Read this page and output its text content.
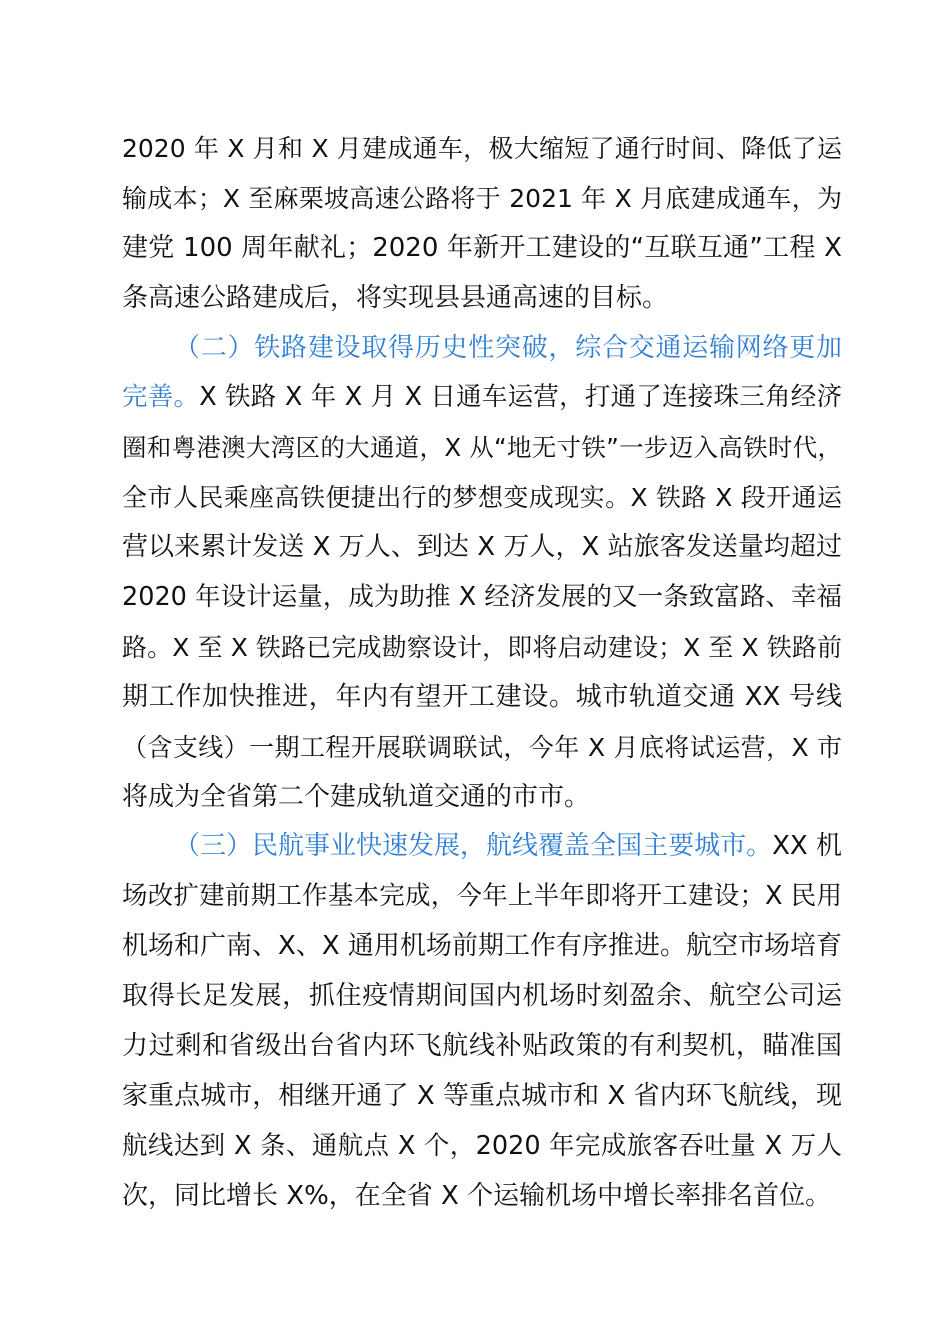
2020 年 X 月和 X 月建成通车，极大缩短了通行时间、降低了运
输成本；X 至麻栗坡高速公路将于 2021 年 X 月底建成通车，为
建党 100 周年献礼；2020 年新开工建设的“互联互通”工程 X
条高速公路建成后，将实现县县通高速的目标。
（二）铁路建设取得历史性突破，综合交通运输网络更加
完善。X 铁路 X 年 X 月 X 日通车运营，打通了连接珠三角经济
圈和粤港澳大湾区的大通道，X 从“地无寸铁”一步迈入高铁时代，
全市人民乘座高铁便捷出行的梦想变成现实。X 铁路 X 段开通运
营以来累计发送 X 万人、到达 X 万人，X 站旅客发送量均超过
2020 年设计运量，成为助推 X 经济发展的又一条致富路、幸福
路。X 至 X 铁路已完成勘察设计，即将启动建设；X 至 X 铁路前
期工作加快推进，年内有望开工建设。城市轨道交通 XX 号线
（含支线）一期工程开展联调联试，今年 X 月底将试运营，X 市
将成为全省第二个建成轨道交通的市市。
（三）民航事业快速发展，航线覆盖全国主要城市。XX 机
场改扩建前期工作基本完成，今年上半年即将开工建设；X 民用
机场和广南、X、X 通用机场前期工作有序推进。航空市场培育
取得长足发展，抓住疫情期间国内机场时刻盈余、航空公司运
力过剩和省级出台省内环飞航线补贴政策的有利契机，瞄准国
家重点城市，相继开通了 X 等重点城市和 X 省内环飞航线，现
航线达到 X 条、通航点 X 个，2020 年完成旅客吞吐量 X 万人
次，同比增长 X%，在全省 X 个运输机场中增长率排名首位。
